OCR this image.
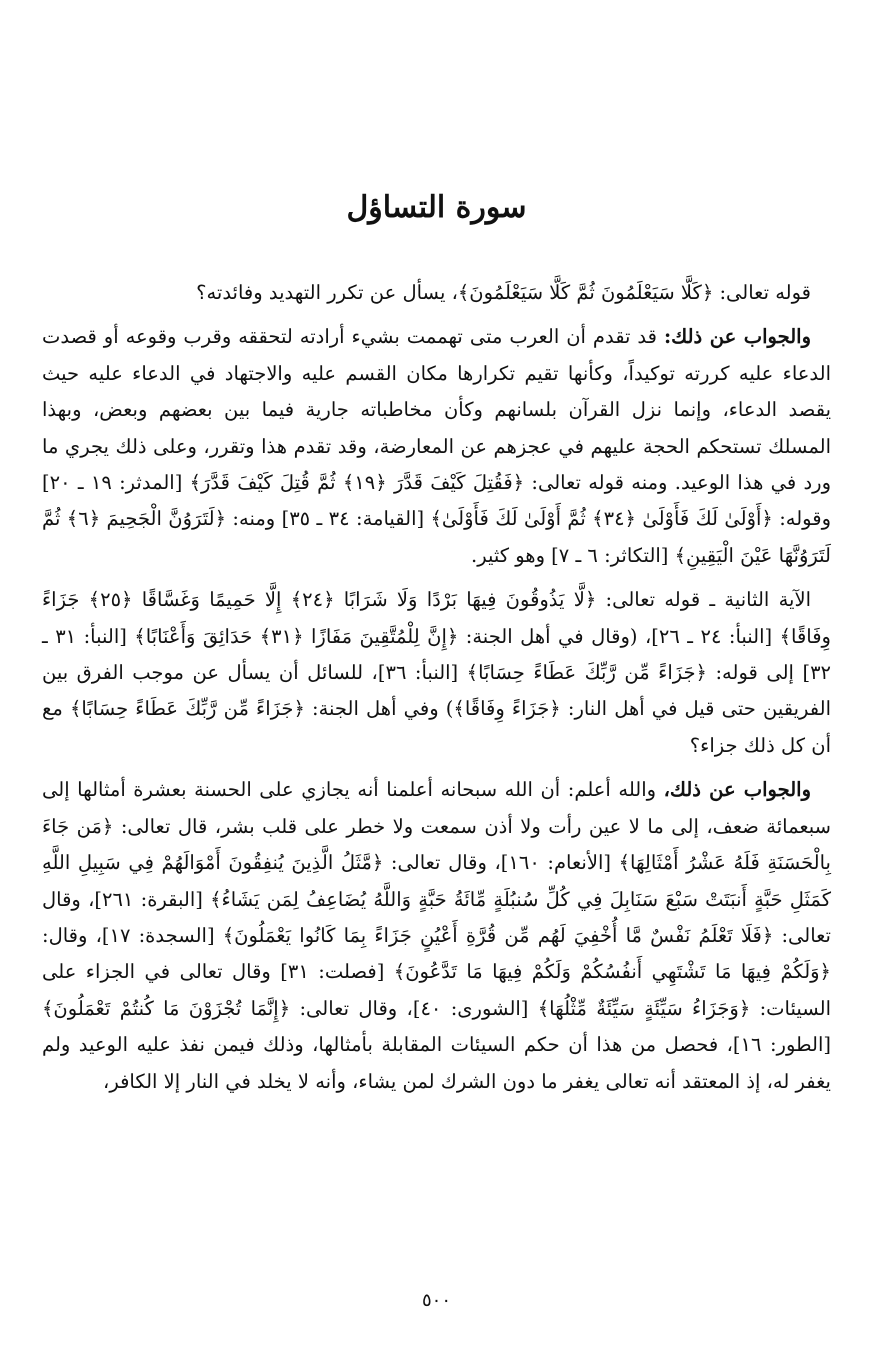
سورة التساؤل

قوله تعالى: ﴿كَلَّا سَيَعْلَمُونَ ثُمَّ كَلَّا سَيَعْلَمُونَ﴾، يسأل عن تكرر التهديد وفائدته؟

والجواب عن ذلك: قد تقدم أن العرب متى تهممت بشيء أرادته لتحققه وقرب وقوعه أو قصدت الدعاء عليه كررته توكيداً، وكأنها تقيم تكرارها مكان القسم عليه والاجتهاد في الدعاء عليه حيث يقصد الدعاء، وإنما نزل القرآن بلسانهم وكأن مخاطباته جارية فيما بين بعضهم وبعض، وبهذا المسلك تستحكم الحجة عليهم في عجزهم عن المعارضة، وقد تقدم هذا وتقرر، وعلى ذلك يجري ما ورد في هذا الوعيد. ومنه قوله تعالى: ﴿فَقُتِلَ كَيْفَ قَدَّرَ ﴿١٩﴾ ثُمَّ قُتِلَ كَيْفَ قَدَّرَ﴾ [المدثر: ١٩ ـ ٢٠] وقوله: ﴿أَوْلَىٰ لَكَ فَأَوْلَىٰ ﴿٣٤﴾ ثُمَّ أَوْلَىٰ لَكَ فَأَوْلَىٰ﴾ [القيامة: ٣٤ ـ ٣٥] ومنه: ﴿لَتَرَوُنَّ الْجَحِيمَ ﴿٦﴾ ثُمَّ لَتَرَوُنَّهَا عَيْنَ الْيَقِينِ﴾ [التكاثر: ٦ ـ ٧] وهو كثير.

الآية الثانية ـ قوله تعالى: ﴿لَّا يَذُوقُونَ فِيهَا بَرْدًا وَلَا شَرَابًا ﴿٢٤﴾ إِلَّا حَمِيمًا وَغَسَّاقًا ﴿٢٥﴾ جَزَاءً وِفَاقًا﴾ [النبأ: ٢٤ ـ ٢٦]، (وقال في أهل الجنة: ﴿إِنَّ لِلْمُتَّقِينَ مَفَازًا ﴿٣١﴾ حَدَائِقَ وَأَعْنَابًا﴾ [النبأ: ٣١ ـ ٣٢] إلى قوله: ﴿جَزَاءً مِّن رَّبِّكَ عَطَاءً حِسَابًا﴾ [النبأ: ٣٦]، للسائل أن يسأل عن موجب الفرق بين الفريقين حتى قيل في أهل النار: ﴿جَزَاءً وِفَاقًا﴾) وفي أهل الجنة: ﴿جَزَاءً مِّن رَّبِّكَ عَطَاءً حِسَابًا﴾ مع أن كل ذلك جزاء؟

والجواب عن ذلك، والله أعلم: أن الله سبحانه أعلمنا أنه يجازي على الحسنة بعشرة أمثالها إلى سبعمائة ضعف، إلى ما لا عين رأت ولا أذن سمعت ولا خطر على قلب بشر، قال تعالى: ﴿مَن جَاءَ بِالْحَسَنَةِ فَلَهُ عَشْرُ أَمْثَالِهَا﴾ [الأنعام: ١٦٠]، وقال تعالى: ﴿مَّثَلُ الَّذِينَ يُنفِقُونَ أَمْوَالَهُمْ فِي سَبِيلِ اللَّهِ كَمَثَلِ حَبَّةٍ أَنبَتَتْ سَبْعَ سَنَابِلَ فِي كُلِّ سُنبُلَةٍ مِّائَةُ حَبَّةٍ وَاللَّهُ يُضَاعِفُ لِمَن يَشَاءُ﴾ [البقرة: ٢٦١]، وقال تعالى: ﴿فَلَا تَعْلَمُ نَفْسٌ مَّا أُخْفِيَ لَهُم مِّن قُرَّةِ أَعْيُنٍ جَزَاءً بِمَا كَانُوا يَعْمَلُونَ﴾ [السجدة: ١٧]، وقال: ﴿وَلَكُمْ فِيهَا مَا تَشْتَهِي أَنفُسُكُمْ وَلَكُمْ فِيهَا مَا تَدَّعُونَ﴾ [فصلت: ٣١] وقال تعالى في الجزاء على السيئات: ﴿وَجَزَاءُ سَيِّئَةٍ سَيِّئَةٌ مِّثْلُهَا﴾ [الشورى: ٤٠]، وقال تعالى: ﴿إِنَّمَا تُجْزَوْنَ مَا كُنتُمْ تَعْمَلُونَ﴾ [الطور: ١٦]، فحصل من هذا أن حكم السيئات المقابلة بأمثالها، وذلك فيمن نفذ عليه الوعيد ولم يغفر له، إذ المعتقد أنه تعالى يغفر ما دون الشرك لمن يشاء، وأنه لا يخلد في النار إلا الكافر،

٥٠٠
